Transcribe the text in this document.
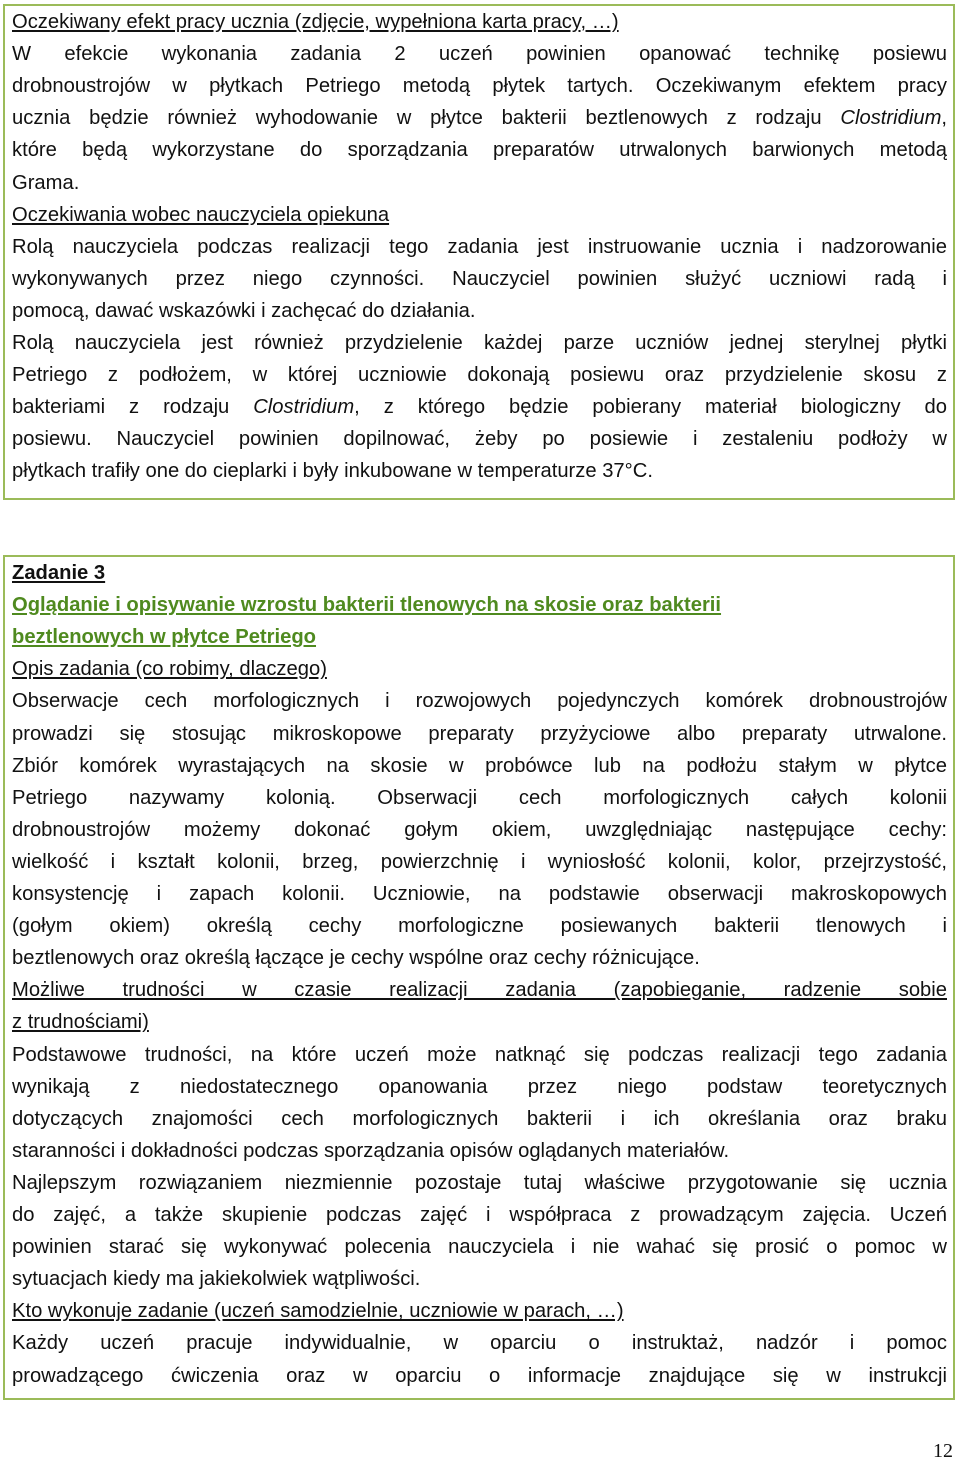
Oczekiwany efekt pracy ucznia (zdjęcie, wypełniona karta pracy, …)

W efekcie wykonania zadania 2 uczeń powinien opanować technikę posiewu

drobnoustrojów w płytkach Petriego metodą płytek tartych. Oczekiwanym efektem pracy

ucznia będzie również wyhodowanie w płytce bakterii beztlenowych z rodzaju Clostridium,

które będą wykorzystane do sporządzania preparatów utrwalonych barwionych metodą

Grama.

Oczekiwania wobec nauczyciela opiekuna

Rolą nauczyciela podczas realizacji tego zadania jest instruowanie ucznia i nadzorowanie

wykonywanych przez niego czynności. Nauczyciel powinien służyć uczniowi radą i

pomocą, dawać wskazówki i zachęcać do działania.

Rolą nauczyciela jest również przydzielenie każdej parze uczniów jednej sterylnej płytki

Petriego z podłożem, w której uczniowie dokonają posiewu oraz przydzielenie skosu z

bakteriami z rodzaju Clostridium, z którego będzie pobierany materiał biologiczny do

posiewu. Nauczyciel powinien dopilnować, żeby po posiewie i zestaleniu podłoży w

płytkach trafiły one do cieplarki i były inkubowane w temperaturze 37°C.

Zadanie 3

Oglądanie i opisywanie wzrostu bakterii tlenowych na skosie oraz bakterii

beztlenowych w płytce Petriego

Opis zadania (co robimy, dlaczego)

Obserwacje cech morfologicznych i rozwojowych pojedynczych komórek drobnoustrojów

prowadzi się stosując mikroskopowe preparaty przyżyciowe albo preparaty utrwalone.

Zbiór komórek wyrastających na skosie w probówce lub na podłożu stałym w płytce

Petriego nazywamy kolonią. Obserwacji cech morfologicznych całych kolonii

drobnoustrojów możemy dokonać gołym okiem, uwzględniając następujące cechy:

wielkość i kształt kolonii, brzeg, powierzchnię i wyniosłość kolonii, kolor, przejrzystość,

konsystencję i zapach kolonii. Uczniowie, na podstawie obserwacji makroskopowych

(gołym okiem) określą cechy morfologiczne posiewanych bakterii tlenowych i

beztlenowych oraz określą łączące je cechy wspólne oraz cechy różnicujące.

Możliwe trudności w czasie realizacji zadania (zapobieganie, radzenie sobie

z trudnościami)

Podstawowe trudności, na które uczeń może natknąć się podczas realizacji tego zadania

wynikają z niedostatecznego opanowania przez niego podstaw teoretycznych

dotyczących znajomości cech morfologicznych bakterii i ich określania oraz braku

staranności i dokładności podczas sporządzania opisów oglądanych materiałów.

Najlepszym rozwiązaniem niezmiennie pozostaje tutaj właściwe przygotowanie się ucznia

do zajęć, a także skupienie podczas zajęć i współpraca z prowadzącym zajęcia. Uczeń

powinien starać się wykonywać polecenia nauczyciela i nie wahać się prosić o pomoc w

sytuacjach kiedy ma jakiekolwiek wątpliwości.

Kto wykonuje zadanie (uczeń samodzielnie, uczniowie w parach, …)

Każdy uczeń pracuje indywidualnie, w oparciu o instruktaż, nadzór i pomoc

prowadzącego ćwiczenia oraz w oparciu o informacje znajdujące się w instrukcji

12
